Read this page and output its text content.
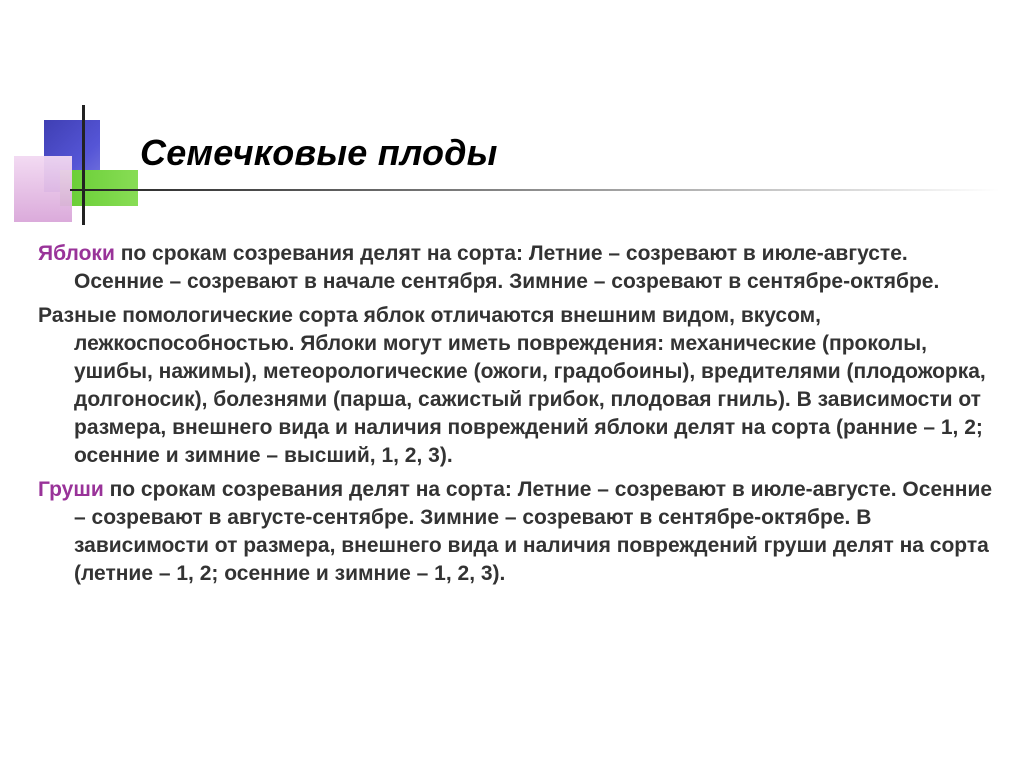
Семечковые плоды

Яблоки по срокам созревания делят на сорта: Летние – созревают в июле-августе. Осенние – созревают в начале сентября. Зимние – созревают в сентябре-октябре.

Разные помологические сорта яблок отличаются внешним видом, вкусом, лежкоспособностью. Яблоки могут иметь повреждения: механические (проколы, ушибы, нажимы), метеорологические (ожоги, градобоины), вредителями (плодожорка, долгоносик), болезнями (парша, сажистый грибок, плодовая гниль). В зависимости от размера, внешнего вида и наличия повреждений яблоки делят на сорта (ранние – 1, 2; осенние и зимние – высший, 1, 2, 3).

Груши по срокам созревания делят на сорта: Летние – созревают в июле-августе. Осенние – созревают в августе-сентябре. Зимние – созревают в сентябре-октябре. В зависимости от размера, внешнего вида и наличия повреждений груши делят на сорта (летние – 1, 2; осенние и зимние – 1, 2, 3).
